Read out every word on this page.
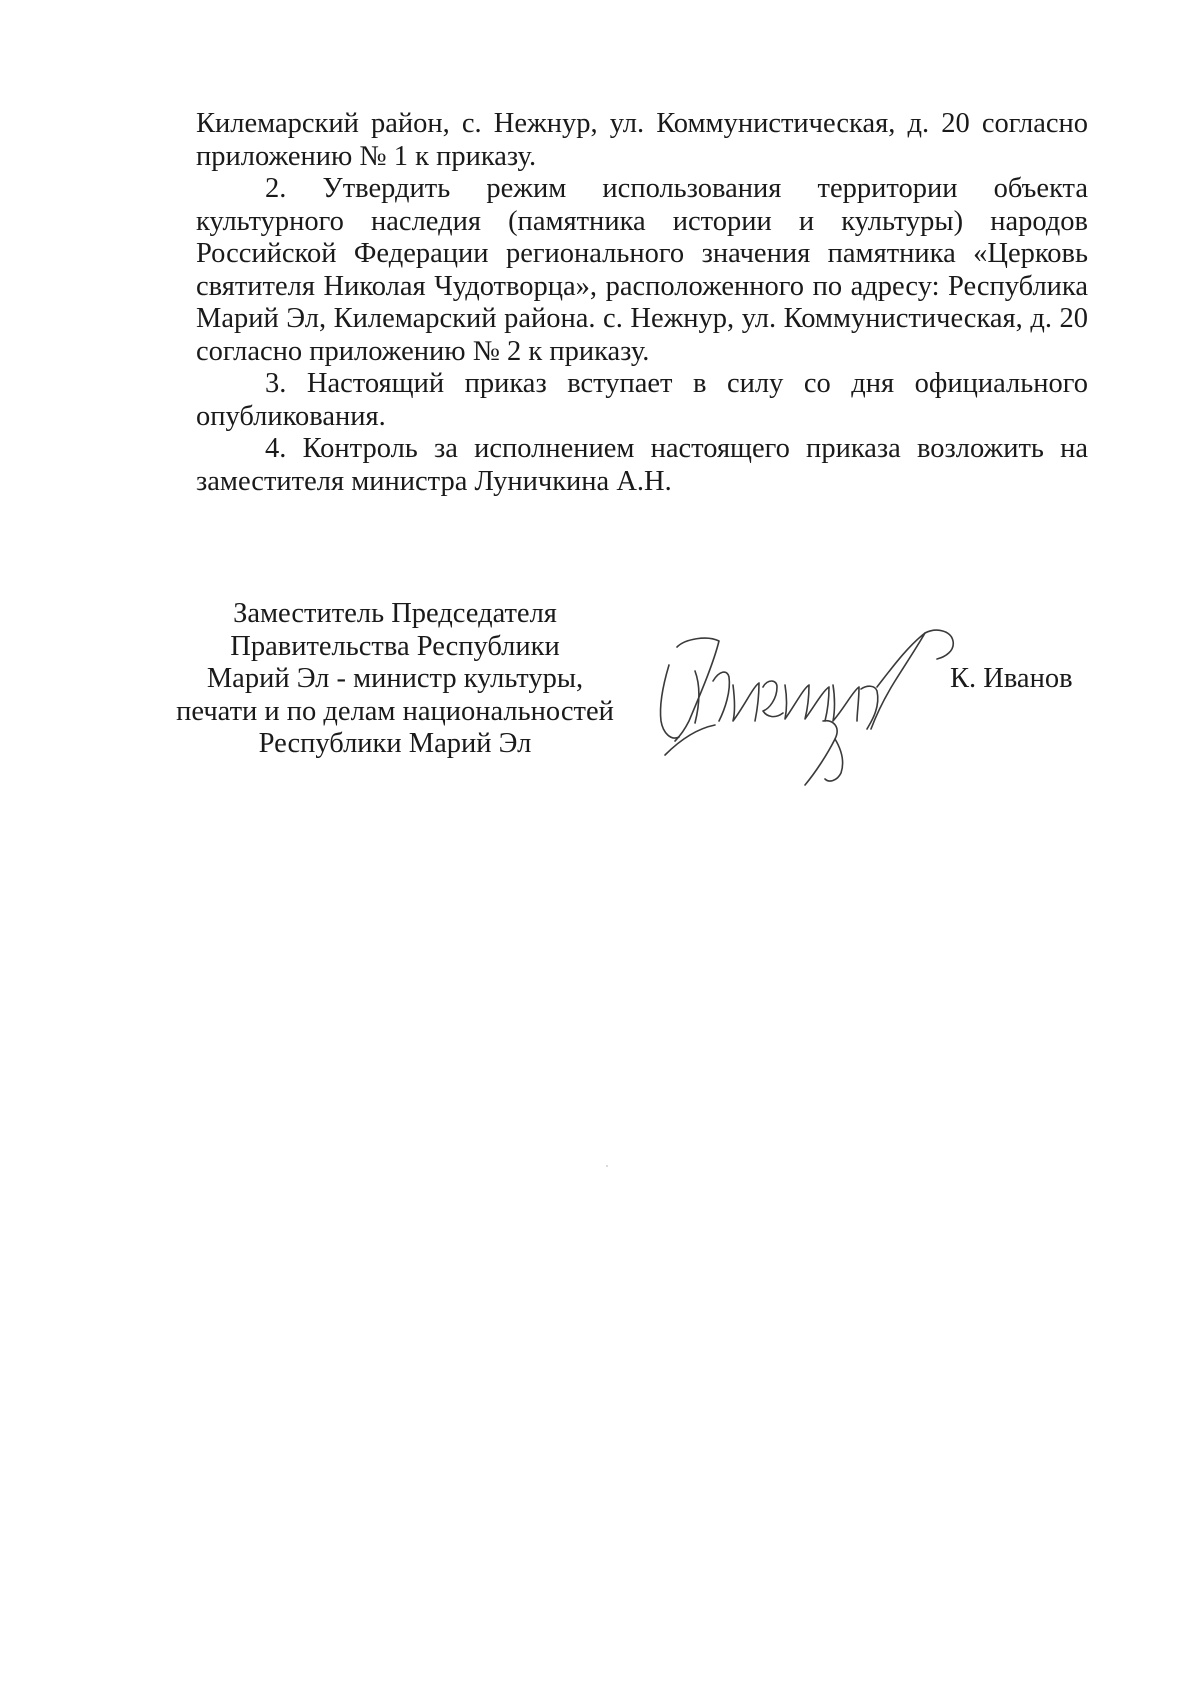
Килемарский район, с. Нежнур, ул. Коммунистическая, д. 20 согласно приложению № 1 к приказу.

2. Утвердить режим использования территории объекта культурного наследия (памятника истории и культуры) народов Российской Федерации регионального значения памятника «Церковь святителя Николая Чудотворца», расположенного по адресу: Республика Марий Эл, Килемарский района. с. Нежнур, ул. Коммунистическая, д. 20 согласно приложению № 2 к приказу.

3. Настоящий приказ вступает в силу со дня официального опубликования.

4. Контроль за исполнением настоящего приказа возложить на заместителя министра Луничкина А.Н.

Заместитель Председателя
Правительства Республики
Марий Эл - министр культуры,
печати и по делам национальностей
Республики Марий Эл
К. Иванов
